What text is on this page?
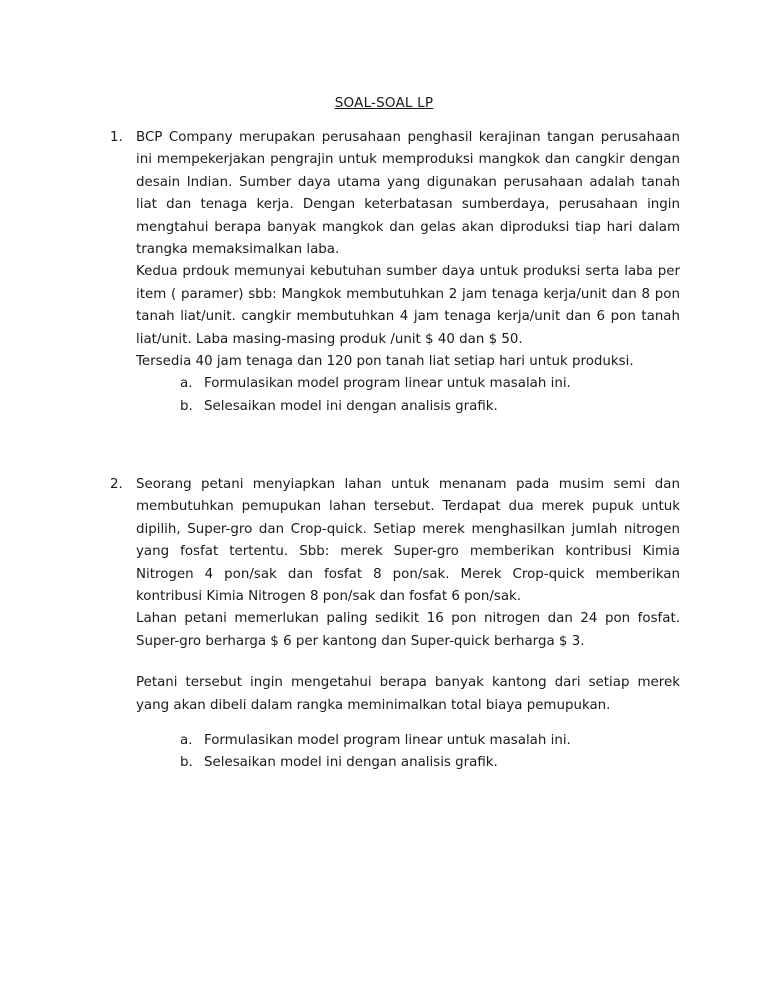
SOAL-SOAL LP
1. BCP Company merupakan perusahaan penghasil kerajinan tangan perusahaan ini mempekerjakan pengrajin untuk memproduksi mangkok dan cangkir dengan desain Indian. Sumber daya utama yang digunakan perusahaan adalah tanah liat dan tenaga kerja. Dengan keterbatasan sumberdaya, perusahaan ingin mengtahui berapa banyak mangkok dan gelas akan diproduksi tiap hari dalam trangka memaksimalkan laba.

Kedua prdouk memunyai kebutuhan sumber daya untuk produksi serta laba per item ( paramer) sbb: Mangkok membutuhkan 2 jam tenaga kerja/unit dan 8 pon tanah liat/unit. cangkir membutuhkan 4 jam tenaga kerja/unit dan 6 pon tanah liat/unit. Laba masing-masing produk /unit $ 40 dan $ 50.

Tersedia 40 jam tenaga dan 120 pon tanah liat setiap hari untuk produksi.

a. Formulasikan model program linear untuk masalah ini.
b. Selesaikan model ini dengan analisis grafik.
2. Seorang petani menyiapkan lahan untuk menanam pada musim semi dan membutuhkan pemupukan lahan tersebut. Terdapat dua merek pupuk untuk dipilih, Super-gro dan Crop-quick. Setiap merek menghasilkan jumlah nitrogen yang fosfat tertentu. Sbb: merek Super-gro memberikan kontribusi Kimia Nitrogen 4 pon/sak dan fosfat 8 pon/sak. Merek Crop-quick memberikan kontribusi Kimia Nitrogen 8 pon/sak dan fosfat 6 pon/sak.

Lahan petani memerlukan paling sedikit 16 pon nitrogen dan 24 pon fosfat. Super-gro berharga $ 6 per kantong dan Super-quick berharga $ 3.

Petani tersebut ingin mengetahui berapa banyak kantong dari setiap merek yang akan dibeli dalam rangka meminimalkan total biaya pemupukan.

a. Formulasikan model program linear untuk masalah ini.
b. Selesaikan model ini dengan analisis grafik.
